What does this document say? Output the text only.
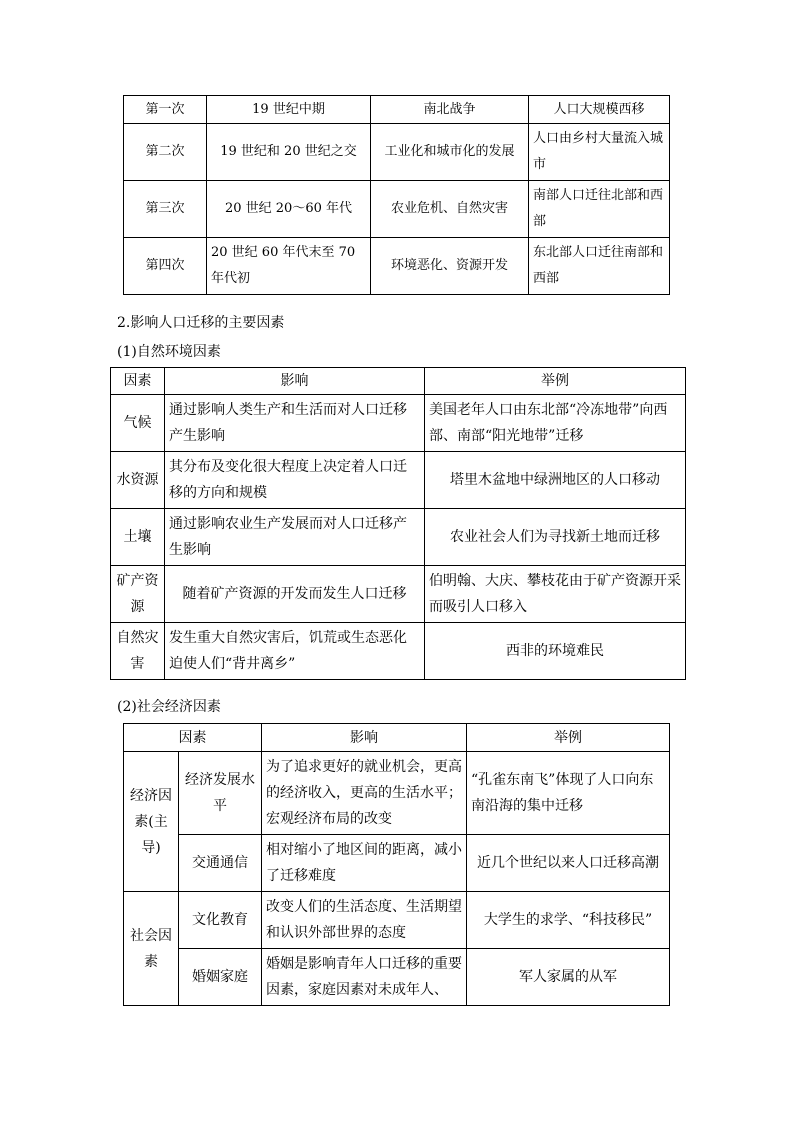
第一次	19 世纪中期	南北战争	人口大规模西移
第二次	19 世纪和 20 世纪之交	工业化和城市化的发展	人口由乡村大量流入城市
第三次	20 世纪 20～60 年代	农业危机、自然灾害	南部人口迁往北部和西部
第四次	20 世纪 60 年代末至 70 年代初	环境恶化、资源开发	东北部人口迁往南部和西部
2.影响人口迁移的主要因素
(1)自然环境因素
因素	影响	举例
气候	通过影响人类生产和生活而对人口迁移产生影响	美国老年人口由东北部“冷冻地带”向西部、南部“阳光地带”迁移
水资源	其分布及变化很大程度上决定着人口迁移的方向和规模	塔里木盆地中绿洲地区的人口移动
土壤	通过影响农业生产发展而对人口迁移产生影响	农业社会人们为寻找新土地而迁移
矿产资源	随着矿产资源的开发而发生人口迁移	伯明翰、大庆、攀枝花由于矿产资源开采而吸引人口移入
自然灾害	发生重大自然灾害后，饥荒或生态恶化迫使人们“背井离乡”	西非的环境难民
(2)社会经济因素
因素		影响	举例
经济因素(主导)	经济发展水平	为了追求更好的就业机会，更高的经济收入，更高的生活水平；宏观经济布局的改变	“孔雀东南飞”体现了人口向东南沿海的集中迁移
	交通通信	相对缩小了地区间的距离，减小了迁移难度	近几个世纪以来人口迁移高潮
社会因素	文化教育	改变人们的生活态度、生活期望和认识外部世界的态度	大学生的求学、“科技移民”
	婚姻家庭	婚姻是影响青年人口迁移的重要因素，家庭因素对未成年人、	军人家属的从军
